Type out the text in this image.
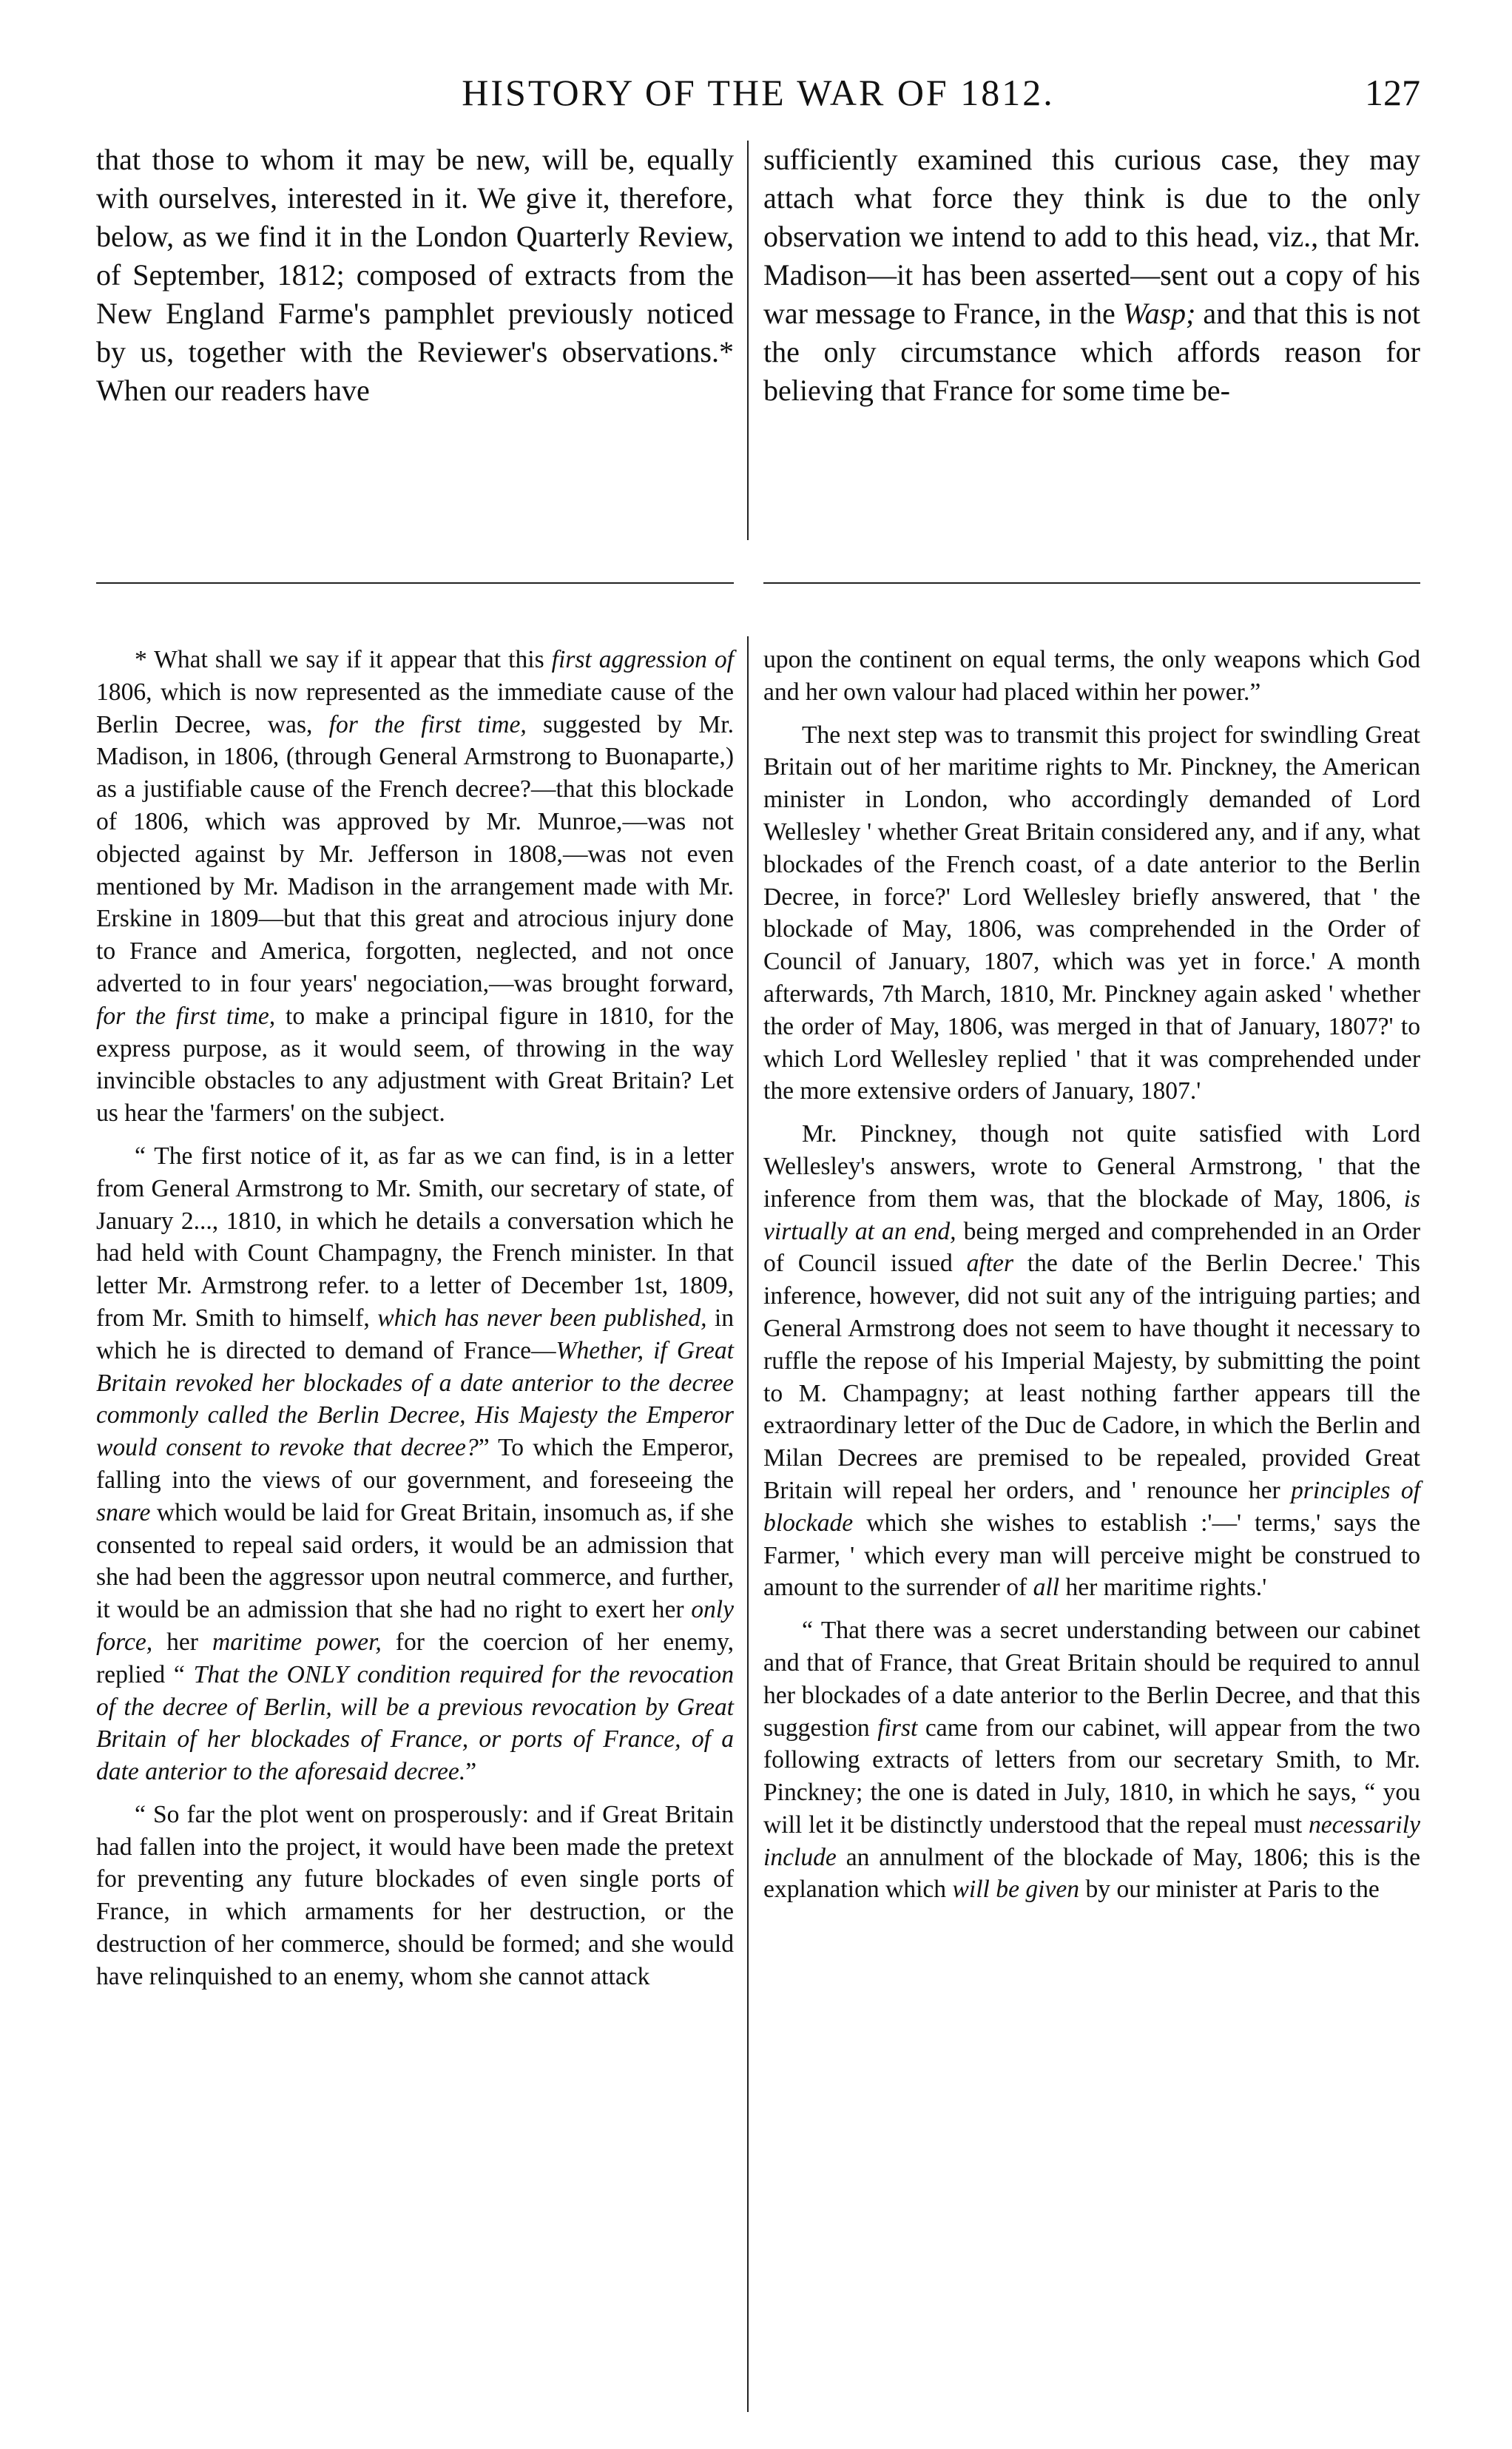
HISTORY OF THE WAR OF 1812.	127

that those to whom it may be new, will be, equally with ourselves, interested in it. We give it, therefore, below, as we find it in the London Quarterly Review, of September, 1812; composed of extracts from the New England Farme's pamphlet previously noticed by us, together with the Reviewer's observations.* When our readers have

sufficiently examined this curious case, they may attach what force they think is due to the only observation we intend to add to this head, viz., that Mr. Madison—it has been asserted—sent out a copy of his war message to France, in the Wasp; and that this is not the only circumstance which affords reason for believing that France for some time be-

* What shall we say if it appear that this first aggression of 1806, which is now represented as the immediate cause of the Berlin Decree, was, for the first time, suggested by Mr. Madison, in 1806, (through General Armstrong to Buonaparte,) as a justifiable cause of the French decree?—that this blockade of 1806, which was approved by Mr. Munroe,—was not objected against by Mr. Jefferson in 1808,—was not even mentioned by Mr. Madison in the arrangement made with Mr. Erskine in 1809—but that this great and atrocious injury done to France and America, forgotten, neglected, and not once adverted to in four years' negociation,—was brought forward, for the first time, to make a principal figure in 1810, for the express purpose, as it would seem, of throwing in the way invincible obstacles to any adjustment with Great Britain? Let us hear the 'farmers' on the subject.

“ The first notice of it, as far as we can find, is in a letter from General Armstrong to Mr. Smith, our secretary of state, of January 2..., 1810, in which he details a conversation which he had held with Count Champagny, the French minister. In that letter Mr. Armstrong refer. to a letter of December 1st, 1809, from Mr. Smith to himself, which has never been published, in which he is directed to demand of France—Whether, if Great Britain revoked her blockades of a date anterior to the decree commonly called the Berlin Decree, His Majesty the Emperor would consent to revoke that decree?” To which the Emperor, falling into the views of our government, and foreseeing the snare which would be laid for Great Britain, insomuch as, if she consented to repeal said orders, it would be an admission that she had been the aggressor upon neutral commerce, and further, it would be an admission that she had no right to exert her only force, her maritime power, for the coercion of her enemy, replied “ That the ONLY condition required for the revocation of the decree of Berlin, will be a previous revocation by Great Britain of her blockades of France, or ports of France, of a date anterior to the aforesaid decree.”

“ So far the plot went on prosperously: and if Great Britain had fallen into the project, it would have been made the pretext for preventing any future blockades of even single ports of France, in which armaments for her destruction, or the destruction of her commerce, should be formed; and she would have relinquished to an enemy, whom she cannot attack

upon the continent on equal terms, the only weapons which God and her own valour had placed within her power.”

The next step was to transmit this project for swindling Great Britain out of her maritime rights to Mr. Pinckney, the American minister in London, who accordingly demanded of Lord Wellesley ' whether Great Britain considered any, and if any, what blockades of the French coast, of a date anterior to the Berlin Decree, in force?' Lord Wellesley briefly answered, that ' the blockade of May, 1806, was comprehended in the Order of Council of January, 1807, which was yet in force.' A month afterwards, 7th March, 1810, Mr. Pinckney again asked ' whether the order of May, 1806, was merged in that of January, 1807?' to which Lord Wellesley replied ' that it was comprehended under the more extensive orders of January, 1807.'

Mr. Pinckney, though not quite satisfied with Lord Wellesley's answers, wrote to General Armstrong, ' that the inference from them was, that the blockade of May, 1806, is virtually at an end, being merged and comprehended in an Order of Council issued after the date of the Berlin Decree.' This inference, however, did not suit any of the intriguing parties; and General Armstrong does not seem to have thought it necessary to ruffle the repose of his Imperial Majesty, by submitting the point to M. Champagny; at least nothing farther appears till the extraordinary letter of the Duc de Cadore, in which the Berlin and Milan Decrees are premised to be repealed, provided Great Britain will repeal her orders, and ' renounce her principles of blockade which she wishes to establish :'—' terms,' says the Farmer, ' which every man will perceive might be construed to amount to the surrender of all her maritime rights.'

“ That there was a secret understanding between our cabinet and that of France, that Great Britain should be required to annul her blockades of a date anterior to the Berlin Decree, and that this suggestion first came from our cabinet, will appear from the two following extracts of letters from our secretary Smith, to Mr. Pinckney; the one is dated in July, 1810, in which he says, “ you will let it be distinctly understood that the repeal must necessarily include an annulment of the blockade of May, 1806; this is the explanation which will be given by our minister at Paris to the
